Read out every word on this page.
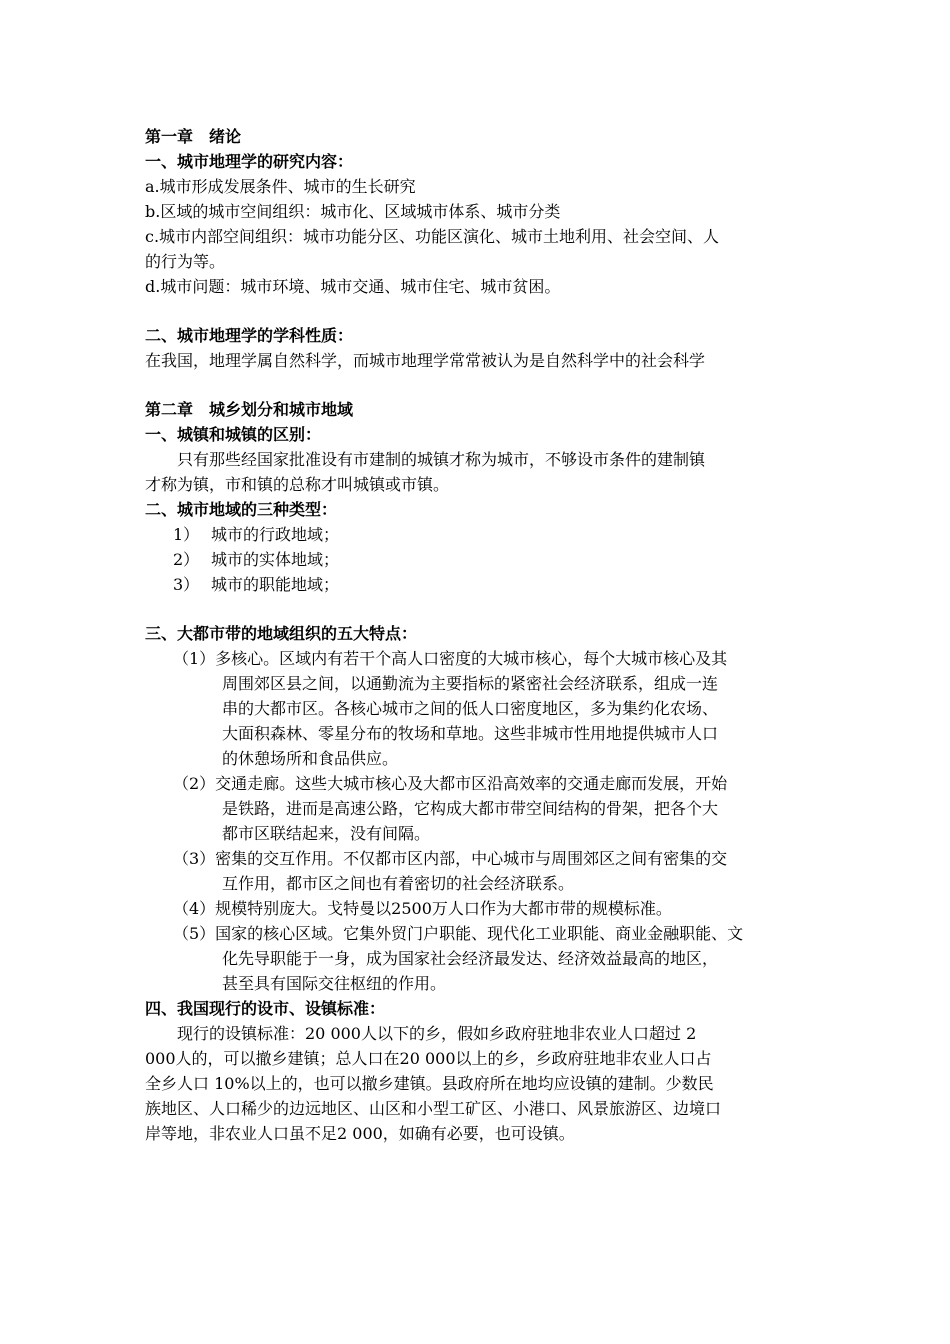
第一章　绪论
一、城市地理学的研究内容：
a.城市形成发展条件、城市的生长研究
b.区域的城市空间组织：城市化、区域城市体系、城市分类
c.城市内部空间组织：城市功能分区、功能区演化、城市土地利用、社会空间、人
的行为等。
d.城市问题：城市环境、城市交通、城市住宅、城市贫困。
二、城市地理学的学科性质：
在我国，地理学属自然科学，而城市地理学常常被认为是自然科学中的社会科学
第二章　城乡划分和城市地域
一、城镇和城镇的区别：
只有那些经国家批准设有市建制的城镇才称为城市，不够设市条件的建制镇
才称为镇，市和镇的总称才叫城镇或市镇。
二、城市地域的三种类型：
1） 城市的行政地域；
2） 城市的实体地域；
3） 城市的职能地域；
三、大都市带的地域组织的五大特点：
（1）多核心。区域内有若干个高人口密度的大城市核心，每个大城市核心及其
周围郊区县之间，以通勤流为主要指标的紧密社会经济联系，组成一连
串的大都市区。各核心城市之间的低人口密度地区，多为集约化农场、
大面积森林、零星分布的牧场和草地。这些非城市性用地提供城市人口
的休憩场所和食品供应。
（2）交通走廊。这些大城市核心及大都市区沿高效率的交通走廊而发展，开始
是铁路，进而是高速公路，它构成大都市带空间结构的骨架，把各个大
都市区联结起来，没有间隔。
（3）密集的交互作用。不仅都市区内部，中心城市与周围郊区之间有密集的交
互作用，都市区之间也有着密切的社会经济联系。
（4）规模特别庞大。戈特曼以2500万人口作为大都市带的规模标准。
（5）国家的核心区域。它集外贸门户职能、现代化工业职能、商业金融职能、文
化先导职能于一身，成为国家社会经济最发达、经济效益最高的地区，
甚至具有国际交往枢纽的作用。
四、我国现行的设市、设镇标准：
现行的设镇标准：20 000人以下的乡，假如乡政府驻地非农业人口超过 2
000人的，可以撤乡建镇；总人口在20 000以上的乡，乡政府驻地非农业人口占
全乡人口 10%以上的，也可以撤乡建镇。县政府所在地均应设镇的建制。少数民
族地区、人口稀少的边远地区、山区和小型工矿区、小港口、风景旅游区、边境口
岸等地，非农业人口虽不足2 000，如确有必要，也可设镇。
